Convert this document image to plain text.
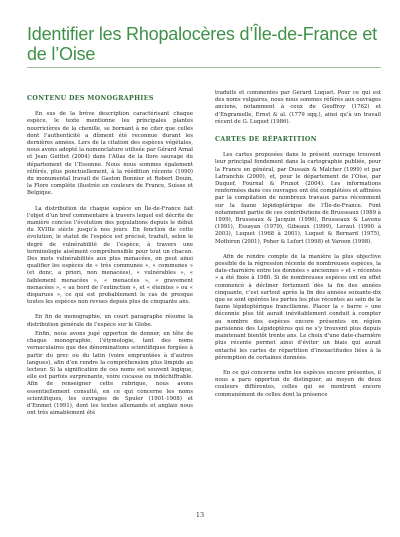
Identifier les Rhopalocères d’Île-de-France et de l’Oise
CONTENU DES MONOGRAPHIES

En sus de la brève description caractérisant chaque espèce, le texte mentionne les principales plantes nourricières de la chenille, se bornant à ne citer que celles dont l’authenticité a dûment été reconnue durant les dernières années. Lors de la citation des espèces végétales, nous avons adopté la nomenclature utilisée par Gérard Arnal et Jean Guittet (2004) dans l’Atlas de la flore sauvage du département de l’Essonne. Nous nous sommes également référés, plus ponctuellement, à la réédition récente (1990) du monumental travail de Gaston Bonnier et Robert Douin, la Flore complète illustrée en couleurs de France, Suisse et Belgique.

La distribution de chaque espèce en Île-de-France fait l’objet d’un bref commentaire à travers lequel est décrite de manière concise l’évolution des populations depuis le début du XVIIIe siècle jusqu’à nos jours. En fonction de cette évolution, le statut de l’espèce est précisé, traduit, selon le degré de vulnérabilité de l’espèce, à travers une terminologie aisément compréhensible pour tout un chacun. Des mots vulnérabilités aux plus menacées, on peut ainsi qualifier les espèces de « très communes », « communes » (et donc, a priori, non menacées), « vulnérables », « faiblement menacées », « menacées », « gravement menacées », « au bord de l’extinction », et « éteintes » ou « disparues », ce qui est probablement le cas de presque toutes les espèces non revues depuis plus de cinquante ans.

En fin de monographie, un court paragraphe résume la distribution générale de l’espèce sur le Globe.

Enfin, nous avons jugé opportun de donner, en tête de chaque monographie, l’étymologie, tant des noms vernaculaires que des dénominations scientifiques forgées à partir du grec ou du latin (voire empruntées à d’autres langues), afin d’en rendre la compréhension plus limpide au lecteur. Si la signification de ces noms est souvent logique, elle est parfois surprenante, voire cocasse ou indéchiffrable. Afin de renseigner cette rubrique, nous avons essentiellement consulté, en ce qui concerne les noms scientifiques, les ouvrages de Spuler (1901-1908) et d’Emmet (1991), dont les textes allemands et anglais nous ont très aimablement été

traduits et commentés par Gérard Luquet. Pour ce qui est des noms vulgaires, nous nous sommes référés aux ouvrages anciens, notamment à ceux de Geoffroy (1762) et d’Engramelle, Ernst & al. (1779 sqq.), ainsi qu’à un travail récent de G. Luquet (1986).

CARTES DE RÉPARTITION

Les cartes proposées dans le présent ouvrage trouvent leur principal fondement dans la cartographie publiée, pour la France en général, par Dussaix & Malcher (1999) et par Lafranchis (2000), et, pour le département de l’Oise, par Duquef, Fournal & Prunot (2004). Les informations renfermées dans ces ouvrages ont été complétées et affinées par la compilation de nombreux travaux parus récemment sur la faune lépidoptérique de l’Île-de-France. Font notamment partie de ces contributions de Brusseaux (1989 à 1999), Brusseaux & Jacquin (1996), Brusseaux & Lavenu (1991), Essayan (1979), Gibeaux (1999), Leraut (1990 à 2003), Luquet (1968 à 2001), Luquet & Bernard (1975), Mothiron (2001), Poher & Lefort (1998) et Varoon (1998).

Afin de rendre compte de la manière la plus objective possible de la régression récente de nombreuses espèces, la date-charnière entre les données « anciennes » et « récentes » a été fixée à 1980. Si de nombreuses espèces ont en effet commencé à décliner fortement dès la fin des années cinquante, c’est surtout après la fin des années soixante-dix que se sont opérées les pertes les plus récentes au sein de la faune lépidoptérique francilienne. Placer la « barre » une décennie plus tôt aurait inévitablement conduit à compter au nombre des espèces encore présentes en région parisienne des Lépidoptères qui ne s’y trouvent plus depuis maintenant bientôt trente ans. Le choix d’une date-charnière plus récente permet ainsi d’éviter un biais qui aurait entaché les cartes de répartition d’inexactitudes liées à la péremption de certaines données.

En ce qui concerne enfin les espèces encore présentes, il nous a paru opportun de distinguer, au moyen de deux couleurs différentes, celles qui se montrent encore communément de celles dont la présence

13
